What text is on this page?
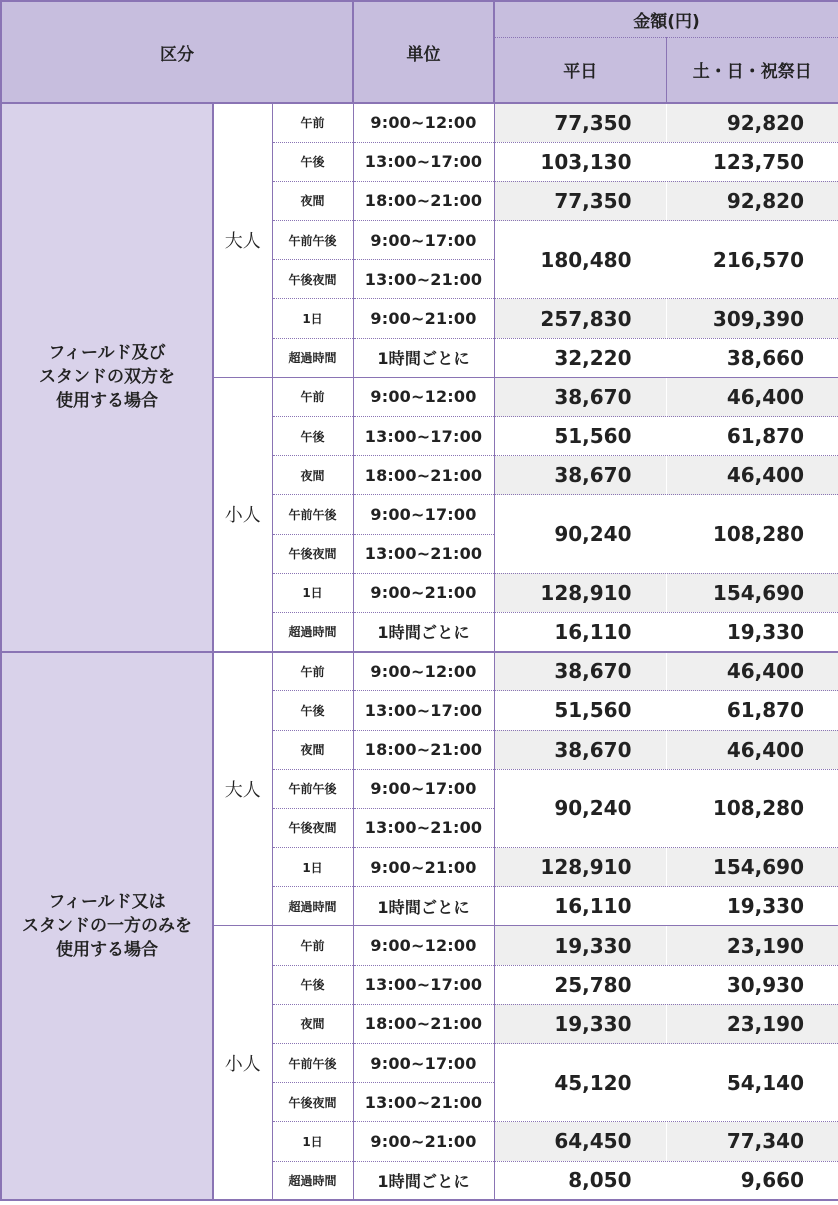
区分			単位	金額(円)	
				平日	土・日・祝祭日

フィールド及び
スタンドの双方を
使用する場合	大人	午前	9:00~12:00	77,350	92,820
		午後	13:00~17:00	103,130	123,750
		夜間	18:00~21:00	77,350	92,820
		午前午後	9:00~17:00	180,480	216,570
		午後夜間	13:00~21:00		
		1日	9:00~21:00	257,830	309,390
		超過時間	1時間ごとに	32,220	38,660
	小人	午前	9:00~12:00	38,670	46,400
		午後	13:00~17:00	51,560	61,870
		夜間	18:00~21:00	38,670	46,400
		午前午後	9:00~17:00	90,240	108,280
		午後夜間	13:00~21:00		
		1日	9:00~21:00	128,910	154,690
		超過時間	1時間ごとに	16,110	19,330

フィールド又は
スタンドの一方のみを
使用する場合	大人	午前	9:00~12:00	38,670	46,400
		午後	13:00~17:00	51,560	61,870
		夜間	18:00~21:00	38,670	46,400
		午前午後	9:00~17:00	90,240	108,280
		午後夜間	13:00~21:00		
		1日	9:00~21:00	128,910	154,690
		超過時間	1時間ごとに	16,110	19,330
	小人	午前	9:00~12:00	19,330	23,190
		午後	13:00~17:00	25,780	30,930
		夜間	18:00~21:00	19,330	23,190
		午前午後	9:00~17:00	45,120	54,140
		午後夜間	13:00~21:00		
		1日	9:00~21:00	64,450	77,340
		超過時間	1時間ごとに	8,050	9,660
